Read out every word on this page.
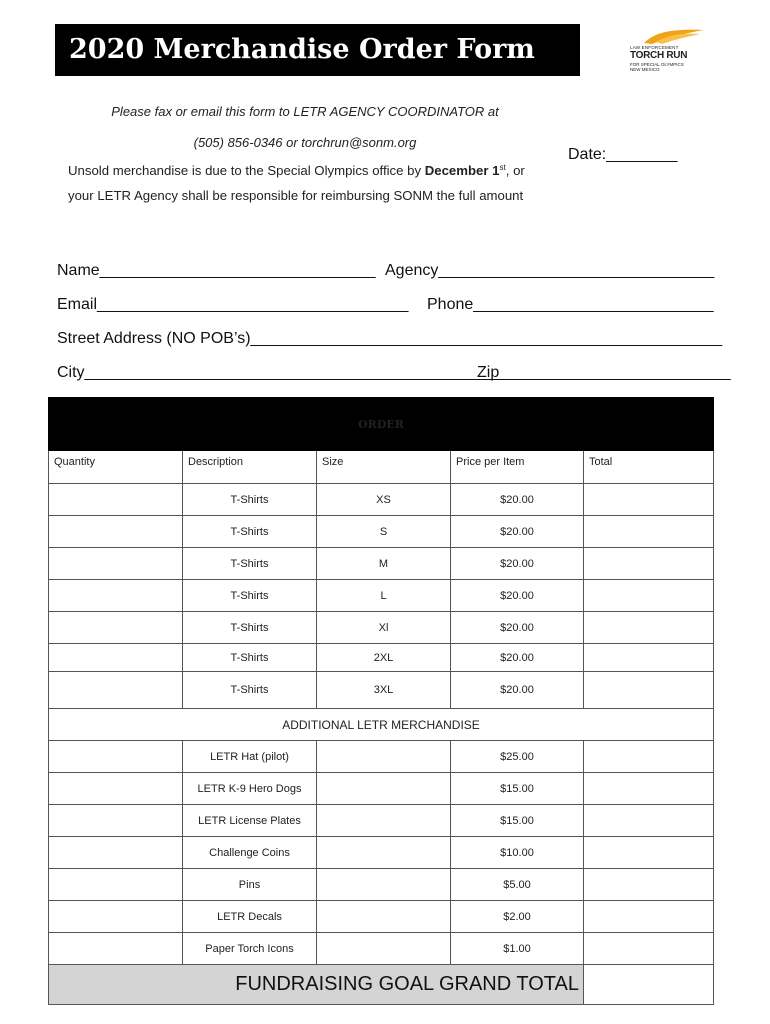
2020 Merchandise Order Form	LAW ENFORCEMENT
TORCH RUN
FOR SPECIAL OLYMPICS
NEW MEXICO
Please fax or email this form to LETR AGENCY COORDINATOR at
(505) 856-0346 or torchrun@sonm.org
Date:________
Unsold merchandise is due to the Special Olympics office by December 1st, or
your LETR Agency shall be responsible for reimbursing SONM the full amount
Name_______________________________ Agency_______________________________
Email___________________________________ Phone___________________________
Street Address (NO POB’s)_____________________________________________________
City_______________________________________________
Zip__________________________
ORDER				
Quantity	Description	Size	Price per Item	Total
	T-Shirts	XS	$20.00	
	T-Shirts	S	$20.00	
	T-Shirts	M	$20.00	
	T-Shirts	L	$20.00	
	T-Shirts	Xl	$20.00	
	T-Shirts	2XL	$20.00	
	T-Shirts	3XL	$20.00	
ADDITIONAL LETR MERCHANDISE				
	LETR Hat (pilot)		$25.00	
	LETR K-9 Hero Dogs		$15.00	
	LETR License Plates		$15.00	
	Challenge Coins		$10.00	
	Pins		$5.00	
	LETR Decals		$2.00	
	Paper Torch Icons		$1.00	
FUNDRAISING GOAL GRAND TOTAL				
